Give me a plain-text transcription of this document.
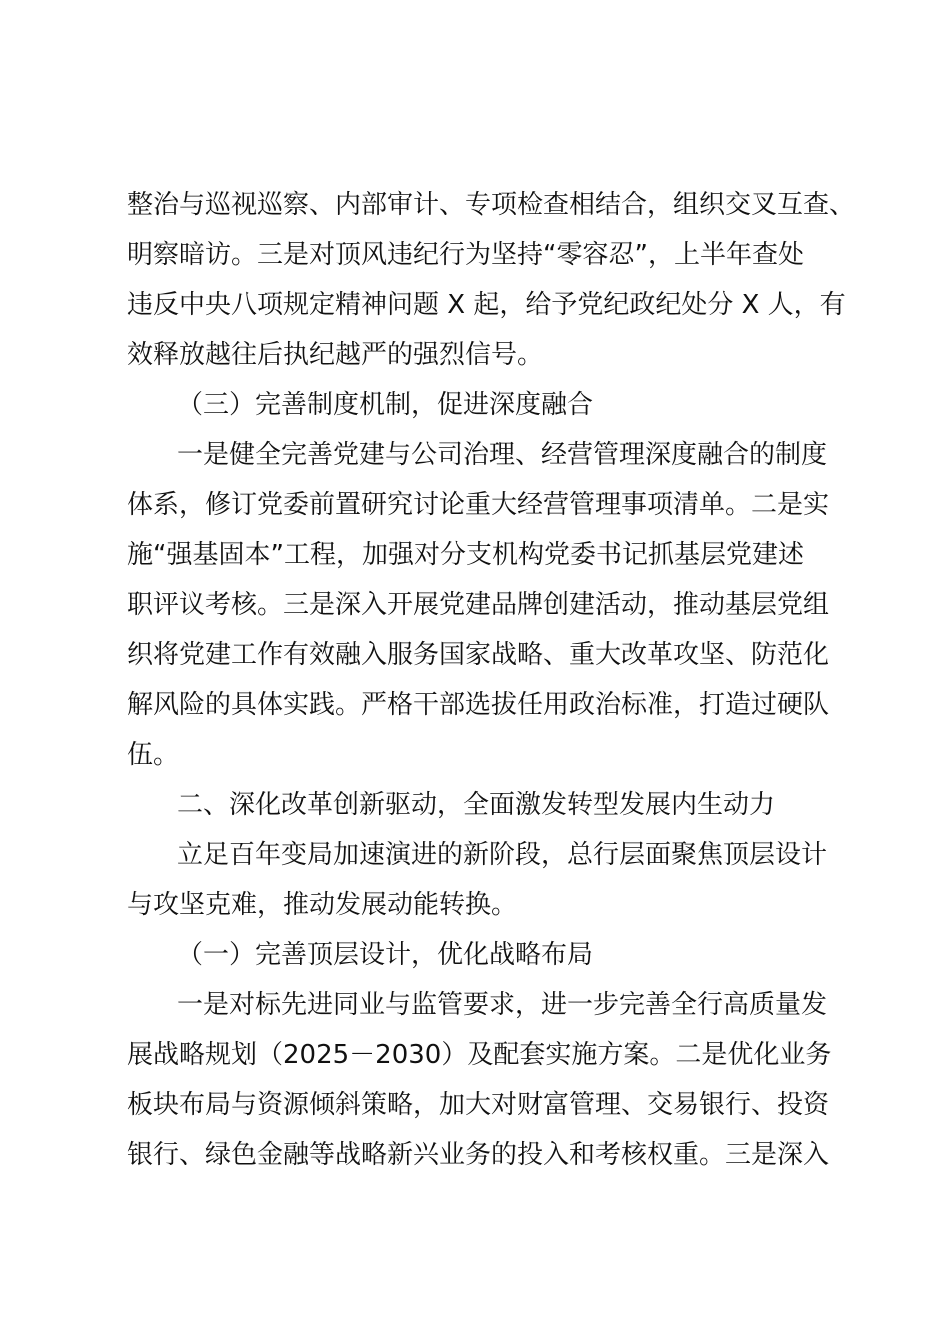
整治与巡视巡察、内部审计、专项检查相结合，组织交叉互查、

明察暗访。三是对顶风违纪行为坚持“零容忍”，上半年查处

违反中央八项规定精神问题 X 起，给予党纪政纪处分 X 人，有

效释放越往后执纪越严的强烈信号。

（三）完善制度机制，促进深度融合

一是健全完善党建与公司治理、经营管理深度融合的制度

体系，修订党委前置研究讨论重大经营管理事项清单。二是实

施“强基固本”工程，加强对分支机构党委书记抓基层党建述

职评议考核。三是深入开展党建品牌创建活动，推动基层党组

织将党建工作有效融入服务国家战略、重大改革攻坚、防范化

解风险的具体实践。严格干部选拔任用政治标准，打造过硬队

伍。

二、深化改革创新驱动，全面激发转型发展内生动力

立足百年变局加速演进的新阶段，总行层面聚焦顶层设计

与攻坚克难，推动发展动能转换。

（一）完善顶层设计，优化战略布局

一是对标先进同业与监管要求，进一步完善全行高质量发

展战略规划（2025－2030）及配套实施方案。二是优化业务

板块布局与资源倾斜策略，加大对财富管理、交易银行、投资

银行、绿色金融等战略新兴业务的投入和考核权重。三是深入
